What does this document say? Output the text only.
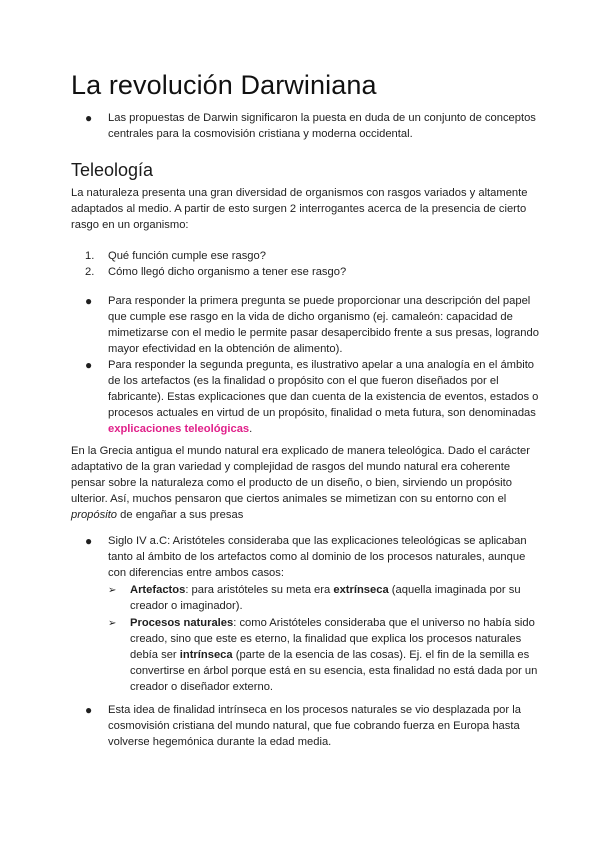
La revolución Darwiniana
●	Las propuestas de Darwin significaron la puesta en duda de un conjunto de conceptos centrales para la cosmovisión cristiana y moderna occidental.
Teleología

La naturaleza presenta una gran diversidad de organismos con rasgos variados y altamente adaptados al medio. A partir de esto surgen 2 interrogantes acerca de la presencia de cierto rasgo en un organismo:

1.	Qué función cumple ese rasgo?
2.	Cómo llegó dicho organismo a tener ese rasgo?
●	Para responder la primera pregunta se puede proporcionar una descripción del papel que cumple ese rasgo en la vida de dicho organismo (ej. camaleón: capacidad de mimetizarse con el medio le permite pasar desapercibido frente a sus presas, logrando mayor efectividad en la obtención de alimento).
●	Para responder la segunda pregunta, es ilustrativo apelar a una analogía en el ámbito de los artefactos (es la finalidad o propósito con el que fueron diseñados por el fabricante). Estas explicaciones que dan cuenta de la existencia de eventos, estados o procesos actuales en virtud de un propósito, finalidad o meta futura, son denominadas explicaciones teleológicas.

En la Grecia antigua el mundo natural era explicado de manera teleológica. Dado el carácter adaptativo de la gran variedad y complejidad de rasgos del mundo natural era coherente pensar sobre la naturaleza como el producto de un diseño, o bien, sirviendo un propósito ulterior. Así, muchos pensaron que ciertos animales se mimetizan con su entorno con el propósito de engañar a sus presas

●	Siglo IV a.C: Aristóteles consideraba que las explicaciones teleológicas se aplicaban tanto al ámbito de los artefactos como al dominio de los procesos naturales, aunque con diferencias entre ambos casos:
➢	Artefactos: para aristóteles su meta era extrínseca (aquella imaginada por su creador o imaginador).
➢	Procesos naturales: como Aristóteles consideraba que el universo no había sido creado, sino que este es eterno, la finalidad que explica los procesos naturales debía ser intrínseca (parte de la esencia de las cosas). Ej. el fin de la semilla es convertirse en árbol porque está en su esencia, esta finalidad no está dada por un creador o diseñador externo.
●	Esta idea de finalidad intrínseca en los procesos naturales se vio desplazada por la cosmovisión cristiana del mundo natural, que fue cobrando fuerza en Europa hasta volverse hegemónica durante la edad media.
